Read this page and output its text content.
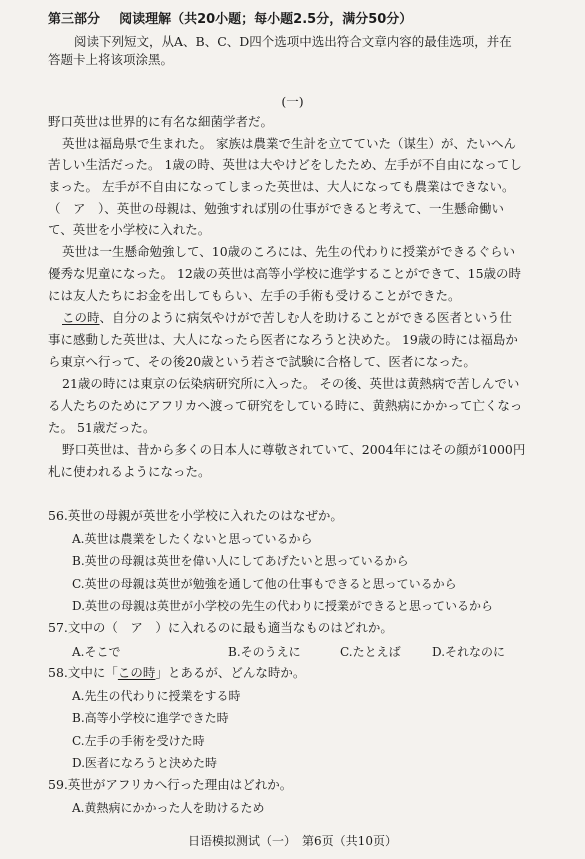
第三部分 阅读理解（共20小题；每小题2.5分，满分50分）
阅读下列短文，从A、B、C、D四个选项中选出符合文章内容的最佳选项，并在
答题卡上将该项涂黑。
(一)
野口英世は世界的に有名な細菌学者だ。
英世は福島県で生まれた。 家族は農業で生計を立てていた（谋生）が、たいへん
苦しい生活だった。 1歳の時、英世は大やけどをしたため、左手が不自由になってし
まった。 左手が不自由になってしまった英世は、大人になっても農業はできない。
（　ア　）、英世の母親は、勉強すれば別の仕事ができると考えて、一生懸命働い
て、英世を小学校に入れた。
英世は一生懸命勉強して、10歳のころには、先生の代わりに授業ができるぐらい
優秀な児童になった。 12歳の英世は高等小学校に進学することができて、15歳の時
には友人たちにお金を出してもらい、左手の手術も受けることができた。
この時、自分のように病気やけがで苦しむ人を助けることができる医者という仕
事に感動した英世は、大人になったら医者になろうと決めた。 19歳の時には福島か
ら東京へ行って、その後20歳という若さで試験に合格して、医者になった。
21歳の時には東京の伝染病研究所に入った。 その後、英世は黄熱病で苦しんでい
る人たちのためにアフリカへ渡って研究をしている時に、黄熱病にかかって亡くなっ
た。 51歳だった。
野口英世は、昔から多くの日本人に尊敬されていて、2004年にはその顔が1000円
札に使われるようになった。
56.英世の母親が英世を小学校に入れたのはなぜか。
A.英世は農業をしたくないと思っているから
B.英世の母親は英世を偉い人にしてあげたいと思っているから
C.英世の母親は英世が勉強を通して他の仕事もできると思っているから
D.英世の母親は英世が小学校の先生の代わりに授業ができると思っているから
57.文中の（　ア　）に入れるのに最も適当なものはどれか。
A.そこで	B.そのうえに	C.たとえば	D.それなのに
58.文中に「この時」とあるが、どんな時か。
A.先生の代わりに授業をする時
B.高等小学校に進学できた時
C.左手の手術を受けた時
D.医者になろうと決めた時
59.英世がアフリカへ行った理由はどれか。
A.黄熱病にかかった人を助けるため
日语模拟测试（一）　第6页（共10页）
